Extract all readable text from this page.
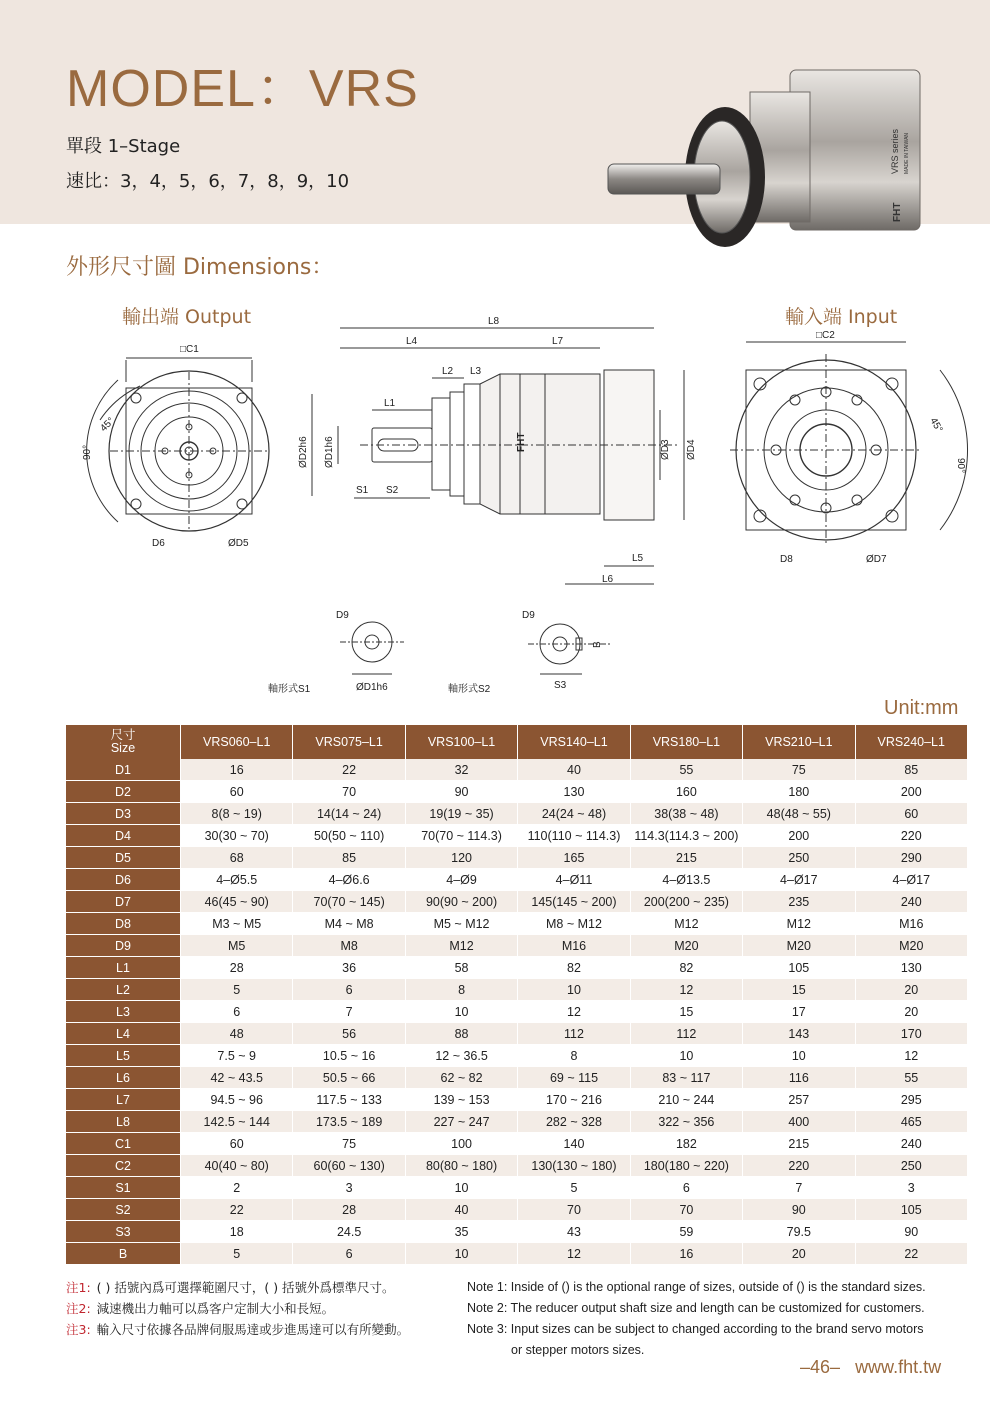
MODEL：VRS
單段 1–Stage
速比：3，4，5，6，7，8，9，10
VRS series MADE IN TAIWAN
FHT
外形尺寸圖 Dimensions：
輸出端 Output	輸入端 Input
□C1
90°
45°
D6	ØD5
L8
L4	L7
L2 L3
L1
S1 S2
ØD2h6 ØD1h6	ØD3 ØD4
L5
L6
FHT
□C2
45°
90°
D8	ØD7
D9
ØD1h6
D9
B
S3
軸形式S1	軸形式S2
Unit:mm
尺寸
Size	VRS060–L1	VRS075–L1	VRS100–L1	VRS140–L1	VRS180–L1	VRS210–L1	VRS240–L1
D1	16	22	32	40	55	75	85
D2	60	70	90	130	160	180	200
D3	8(8 ~ 19)	14(14 ~ 24)	19(19 ~ 35)	24(24 ~ 48)	38(38 ~ 48)	48(48 ~ 55)	60
D4	30(30 ~ 70)	50(50 ~ 110)	70(70 ~ 114.3)	110(110 ~ 114.3)	114.3(114.3 ~ 200)	200	220
D5	68	85	120	165	215	250	290
D6	4–Ø5.5	4–Ø6.6	4–Ø9	4–Ø11	4–Ø13.5	4–Ø17	4–Ø17
D7	46(45 ~ 90)	70(70 ~ 145)	90(90 ~ 200)	145(145 ~ 200)	200(200 ~ 235)	235	240
D8	M3 ~ M5	M4 ~ M8	M5 ~ M12	M8 ~ M12	M12	M12	M16
D9	M5	M8	M12	M16	M20	M20	M20
L1	28	36	58	82	82	105	130
L2	5	6	8	10	12	15	20
L3	6	7	10	12	15	17	20
L4	48	56	88	112	112	143	170
L5	7.5 ~ 9	10.5 ~ 16	12 ~ 36.5	8	10	10	12
L6	42 ~ 43.5	50.5 ~ 66	62 ~ 82	69 ~ 115	83 ~ 117	116	55
L7	94.5 ~ 96	117.5 ~ 133	139 ~ 153	170 ~ 216	210 ~ 244	257	295
L8	142.5 ~ 144	173.5 ~ 189	227 ~ 247	282 ~ 328	322 ~ 356	400	465
C1	60	75	100	140	182	215	240
C2	40(40 ~ 80)	60(60 ~ 130)	80(80 ~ 180)	130(130 ~ 180)	180(180 ~ 220)	220	250
S1	2	3	10	5	6	7	3
S2	22	28	40	70	70	90	105
S3	18	24.5	35	43	59	79.5	90
B	5	6	10	12	16	20	22
注1: ( ) 括號內爲可選擇範圍尺寸，( ) 括號外爲標準尺寸。
注2: 減速機出力軸可以爲客户定制大小和長短。
注3: 輸入尺寸依據各品牌伺服馬達或步進馬達可以有所變動。
Note 1: Inside of () is the optional range of sizes, outside of () is the standard sizes.
Note 2: The reducer output shaft size and length can be customized for customers.
Note 3: Input sizes can be subject to changed according to the brand servo motors
or stepper motors sizes.
–46– www.fht.tw
